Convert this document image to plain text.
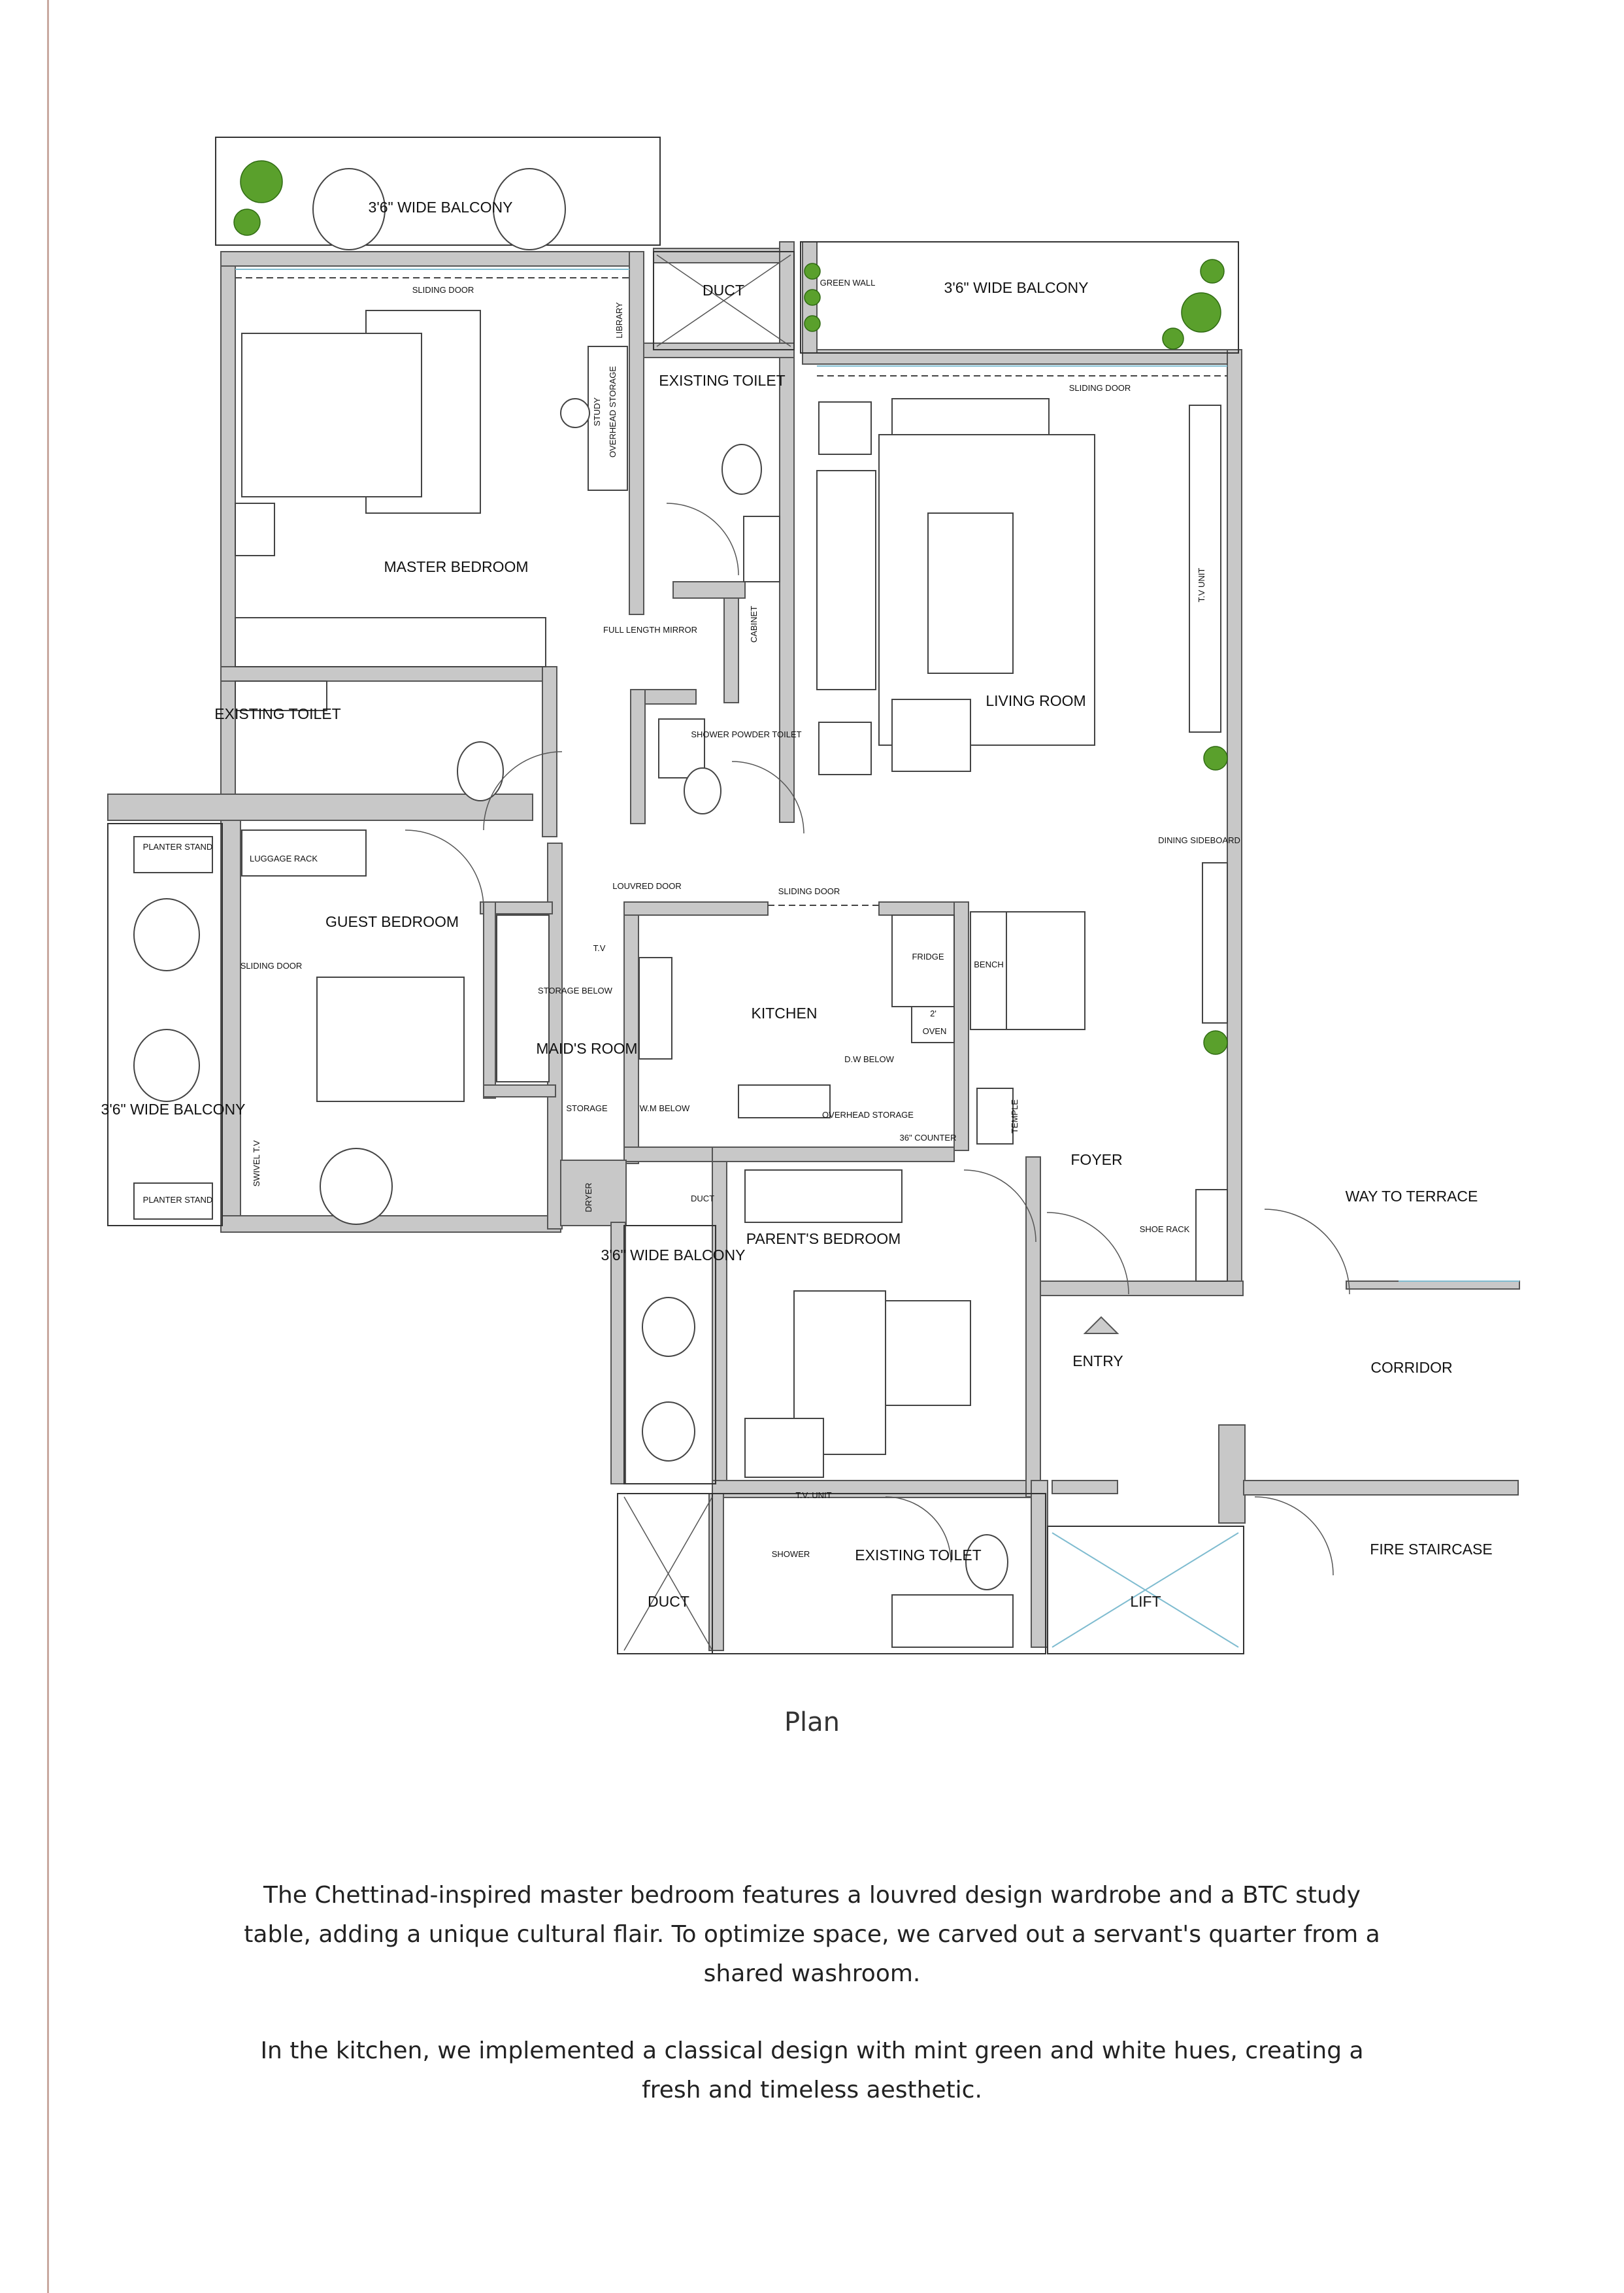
3'6" WIDE BALCONY
SLIDING DOOR
LIBRARY
STUDY OVERHEAD STORAGE
MASTER BEDROOM
EXISTING TOILET
DUCT	GREEN WALL	3'6" WIDE BALCONY
SLIDING DOOR
EXISTING TOILET
FULL LENGTH MIRROR	CABINET
SHOWER POWDER TOILET
T.V UNIT
LIVING ROOM
DINING SIDEBOARD
PLANTER STAND
LUGGAGE RACK
GUEST BEDROOM
SLIDING DOOR
3'6" WIDE BALCONY
PLANTER STAND
SWIVEL T.V
LOUVRED DOOR
SLIDING DOOR
T.V
STORAGE BELOW
MAID'S ROOM
STORAGE	W.M BELOW
KITCHEN
FRIDGE
2'
OVEN
D.W BELOW
OVERHEAD STORAGE
36" COUNTER
BENCH
TEMPLE
FOYER
SHOE RACK
DRYER	DUCT
3'6" WIDE BALCONY
PARENT'S BEDROOM
T.V. UNIT
ENTRY
WAY TO TERRACE
CORRIDOR
SHOWER	EXISTING TOILET
DUCT	LIFT
FIRE STAIRCASE
Plan

The Chettinad-inspired master bedroom features a louvred design wardrobe and a BTC study table, adding a unique cultural flair. To optimize space, we carved out a servant's quarter from a shared washroom.

In the kitchen, we implemented a classical design with mint green and white hues, creating a fresh and timeless aesthetic.
